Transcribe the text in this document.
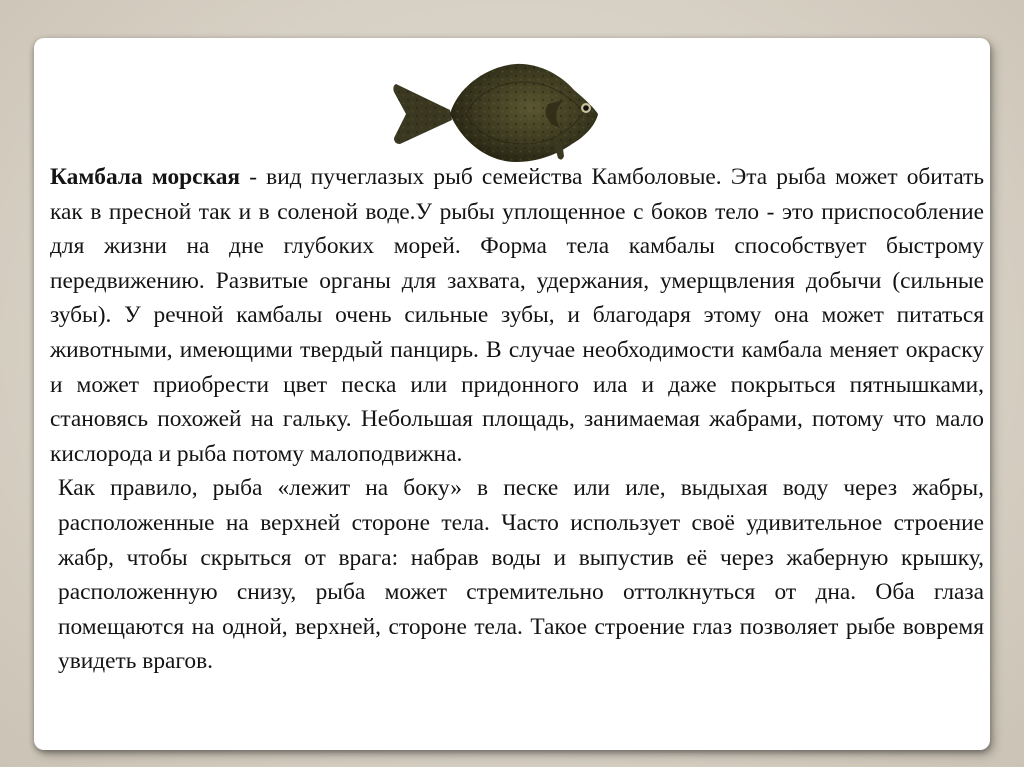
Камбала морская - вид пучеглазых рыб семейства Камболовые. Эта рыба может обитать как в пресной так и в соленой воде.У рыбы уплощенное с боков тело - это приспособление для жизни на дне глубоких морей. Форма тела камбалы способствует быстрому передвижению. Развитые органы для захвата, удержания, умерщвления добычи (сильные зубы). У речной камбалы очень сильные зубы, и благодаря этому она может питаться животными, имеющими твердый панцирь. В случае необходимости камбала меняет окраску и может приобрести цвет песка или придонного ила и даже покрыться пятнышками, становясь похожей на гальку. Небольшая площадь, занимаемая жабрами, потому что мало кислорода и рыба потому малоподвижна.

Как правило, рыба «лежит на боку» в песке или иле, выдыхая воду через жабры, расположенные на верхней стороне тела. Часто использует своё удивительное строение жабр, чтобы скрыться от врага: набрав воды и выпустив её через жаберную крышку, расположенную снизу, рыба может стремительно оттолкнуться от дна. Оба глаза помещаются на одной, верхней, стороне тела. Такое строение глаз позволяет рыбе вовремя увидеть врагов.
